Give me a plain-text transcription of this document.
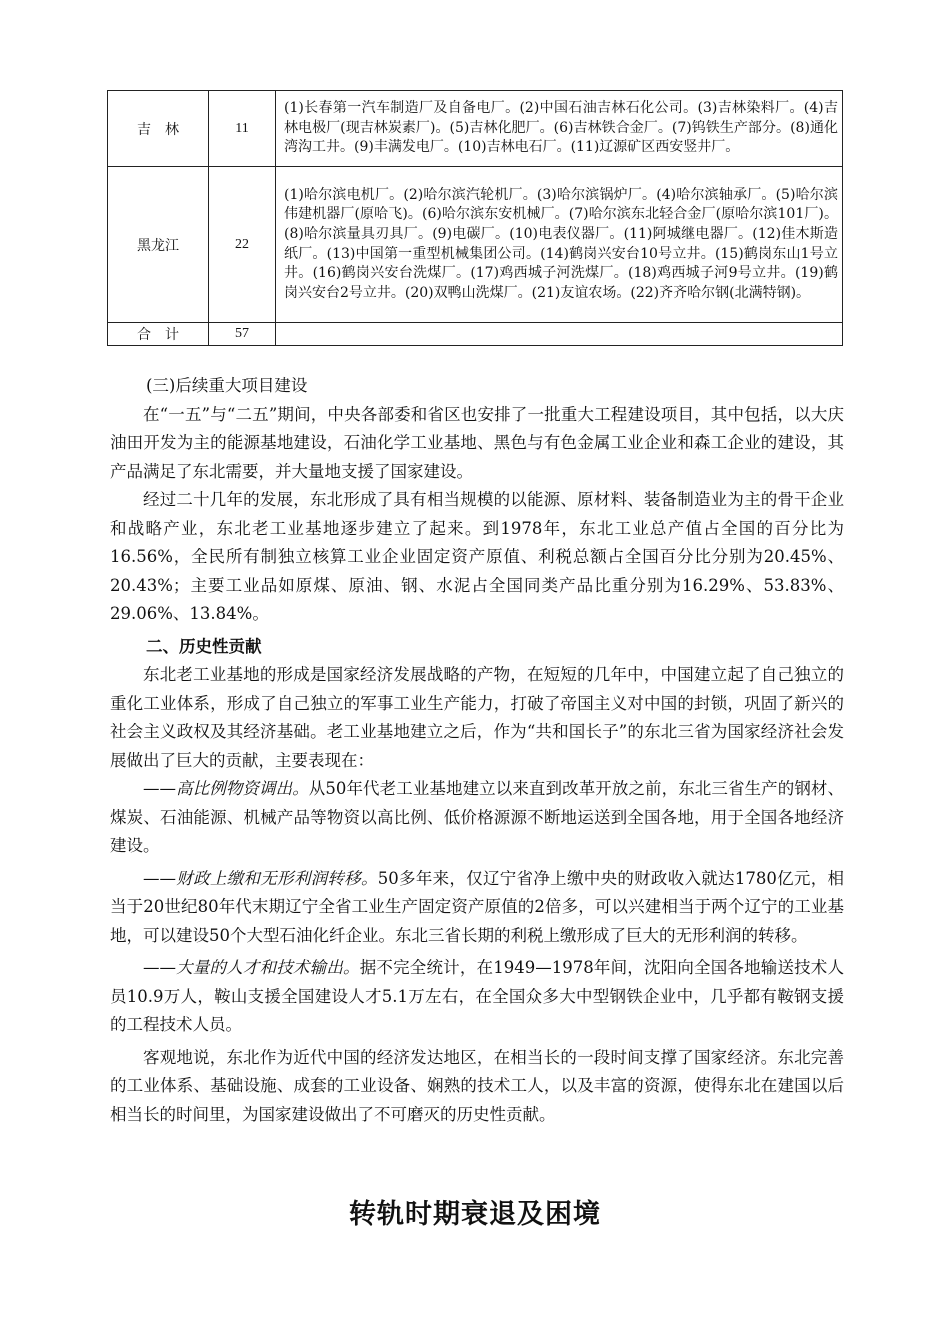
吉　林	11	(1)长春第一汽车制造厂及自备电厂。(2)中国石油吉林石化公司。(3)吉林染料厂。(4)吉林电极厂(现吉林炭素厂)。(5)吉林化肥厂。(6)吉林铁合金厂。(7)钨铁生产部分。(8)通化湾沟工井。(9)丰满发电厂。(10)吉林电石厂。(11)辽源矿区西安竖井厂。
黑龙江	22	(1)哈尔滨电机厂。(2)哈尔滨汽轮机厂。(3)哈尔滨锅炉厂。(4)哈尔滨轴承厂。(5)哈尔滨伟建机器厂(原哈飞)。(6)哈尔滨东安机械厂。(7)哈尔滨东北轻合金厂(原哈尔滨101厂)。(8)哈尔滨量具刃具厂。(9)电碳厂。(10)电表仪器厂。(11)阿城继电器厂。(12)佳木斯造纸厂。(13)中国第一重型机械集团公司。(14)鹤岗兴安台10号立井。(15)鹤岗东山1号立井。(16)鹤岗兴安台洗煤厂。(17)鸡西城子河洗煤厂。(18)鸡西城子河9号立井。(19)鹤岗兴安台2号立井。(20)双鸭山洗煤厂。(21)友谊农场。(22)齐齐哈尔钢(北满特钢)。
合　计	57	

(三)后续重大项目建设

在“一五”与“二五”期间，中央各部委和省区也安排了一批重大工程建设项目，其中包括，以大庆油田开发为主的能源基地建设，石油化学工业基地、黑色与有色金属工业企业和森工企业的建设，其产品满足了东北需要，并大量地支援了国家建设。

经过二十几年的发展，东北形成了具有相当规模的以能源、原材料、装备制造业为主的骨干企业和战略产业，东北老工业基地逐步建立了起来。到1978年，东北工业总产值占全国的百分比为16.56%，全民所有制独立核算工业企业固定资产原值、利税总额占全国百分比分别为20.45%、20.43%；主要工业品如原煤、原油、钢、水泥占全国同类产品比重分别为16.29%、53.83%、29.06%、13.84%。

二、历史性贡献

东北老工业基地的形成是国家经济发展战略的产物，在短短的几年中，中国建立起了自己独立的重化工业体系，形成了自己独立的军事工业生产能力，打破了帝国主义对中国的封锁，巩固了新兴的社会主义政权及其经济基础。老工业基地建立之后，作为“共和国长子”的东北三省为国家经济社会发展做出了巨大的贡献，主要表现在：

——高比例物资调出。从50年代老工业基地建立以来直到改革开放之前，东北三省生产的钢材、煤炭、石油能源、机械产品等物资以高比例、低价格源源不断地运送到全国各地，用于全国各地经济建设。

——财政上缴和无形利润转移。50多年来，仅辽宁省净上缴中央的财政收入就达1780亿元，相当于20世纪80年代末期辽宁全省工业生产固定资产原值的2倍多，可以兴建相当于两个辽宁的工业基地，可以建设50个大型石油化纤企业。东北三省长期的利税上缴形成了巨大的无形利润的转移。

——大量的人才和技术输出。据不完全统计，在1949—1978年间，沈阳向全国各地输送技术人员10.9万人，鞍山支援全国建设人才5.1万左右，在全国众多大中型钢铁企业中，几乎都有鞍钢支援的工程技术人员。

客观地说，东北作为近代中国的经济发达地区，在相当长的一段时间支撑了国家经济。东北完善的工业体系、基础设施、成套的工业设备、娴熟的技术工人，以及丰富的资源，使得东北在建国以后相当长的时间里，为国家建设做出了不可磨灭的历史性贡献。

转轨时期衰退及困境
